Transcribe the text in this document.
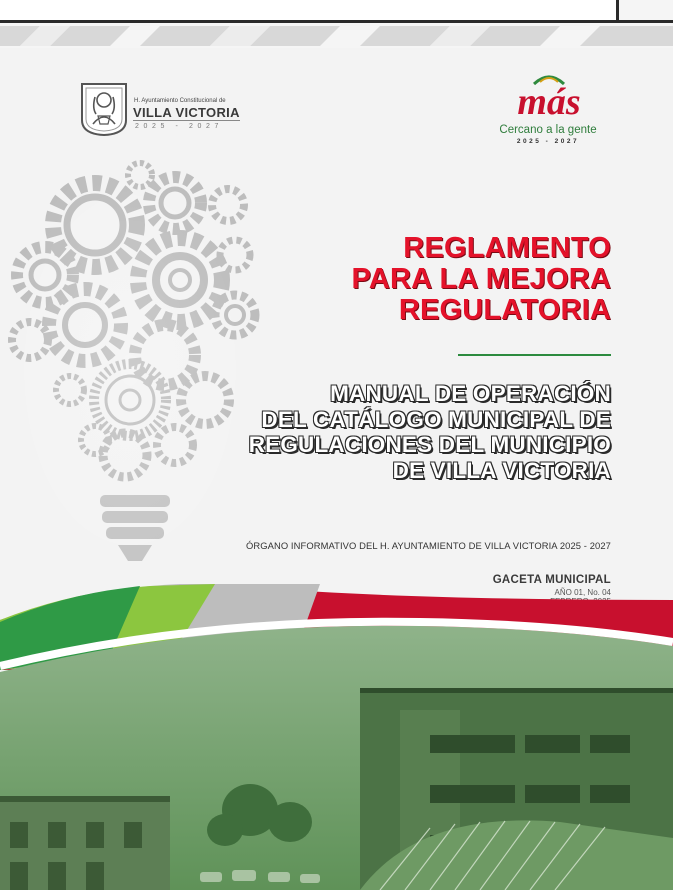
H. Ayuntamiento Constitucional de
VILLA VICTORIA
2025 - 2027
más
Cercano a la gente
2025 - 2027
REGLAMENTO
PARA LA MEJORA
REGULATORIA
MANUAL DE OPERACIÓN
DEL CATÁLOGO MUNICIPAL DE
REGULACIONES DEL MUNICIPIO
DE VILLA VICTORIA
ÓRGANO INFORMATIVO DEL H. AYUNTAMIENTO DE VILLA VICTORIA 2025 - 2027
GACETA MUNICIPAL
AÑO 01, No. 04
